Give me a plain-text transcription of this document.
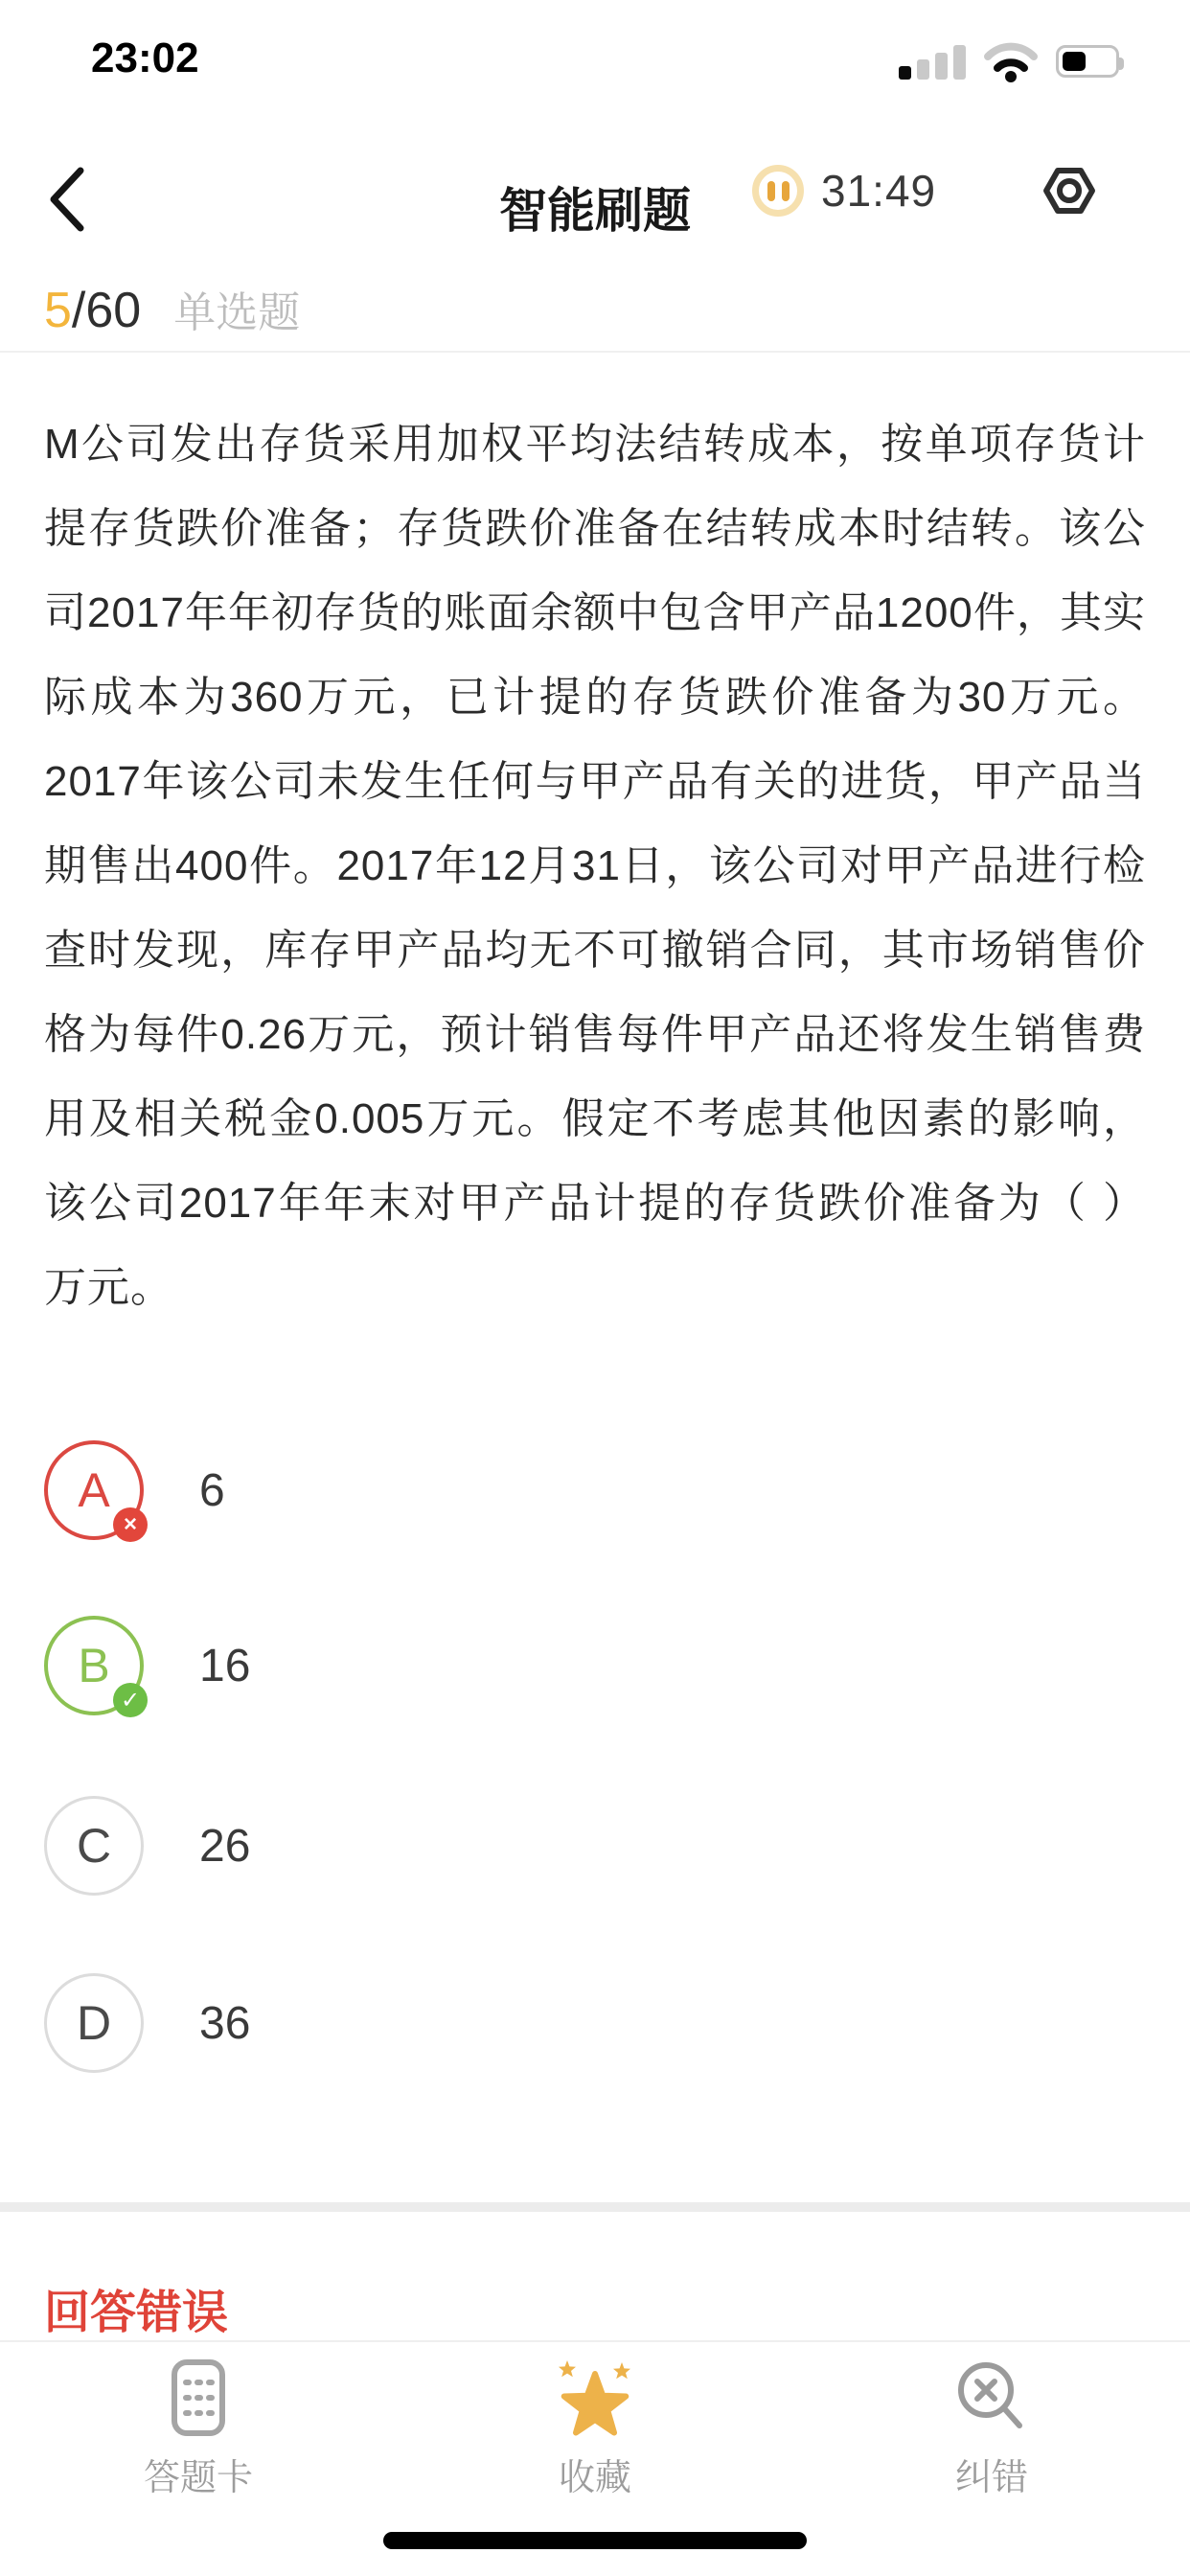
23:02
智能刷题	31:49
5 /60 单选题
M公司发出存货采用加权平均法结转成本，按单项存货计提存货跌价准备；存货跌价准备在结转成本时结转。该公司2017年年初存货的账面余额中包含甲产品1200件，其实际成本为360万元，已计提的存货跌价准备为30万元。2017年该公司未发生任何与甲产品有关的进货，甲产品当期售出400件。2017年12月31日，该公司对甲产品进行检查时发现，库存甲产品均无不可撤销合同，其市场销售价格为每件0.26万元，预计销售每件甲产品还将发生销售费用及相关税金0.005万元。假定不考虑其他因素的影响，该公司2017年年末对甲产品计提的存货跌价准备为（ ）万元。
A
×
6
B
✓
16
C 26
D 36
回答错误
答题卡	收藏	纠错
